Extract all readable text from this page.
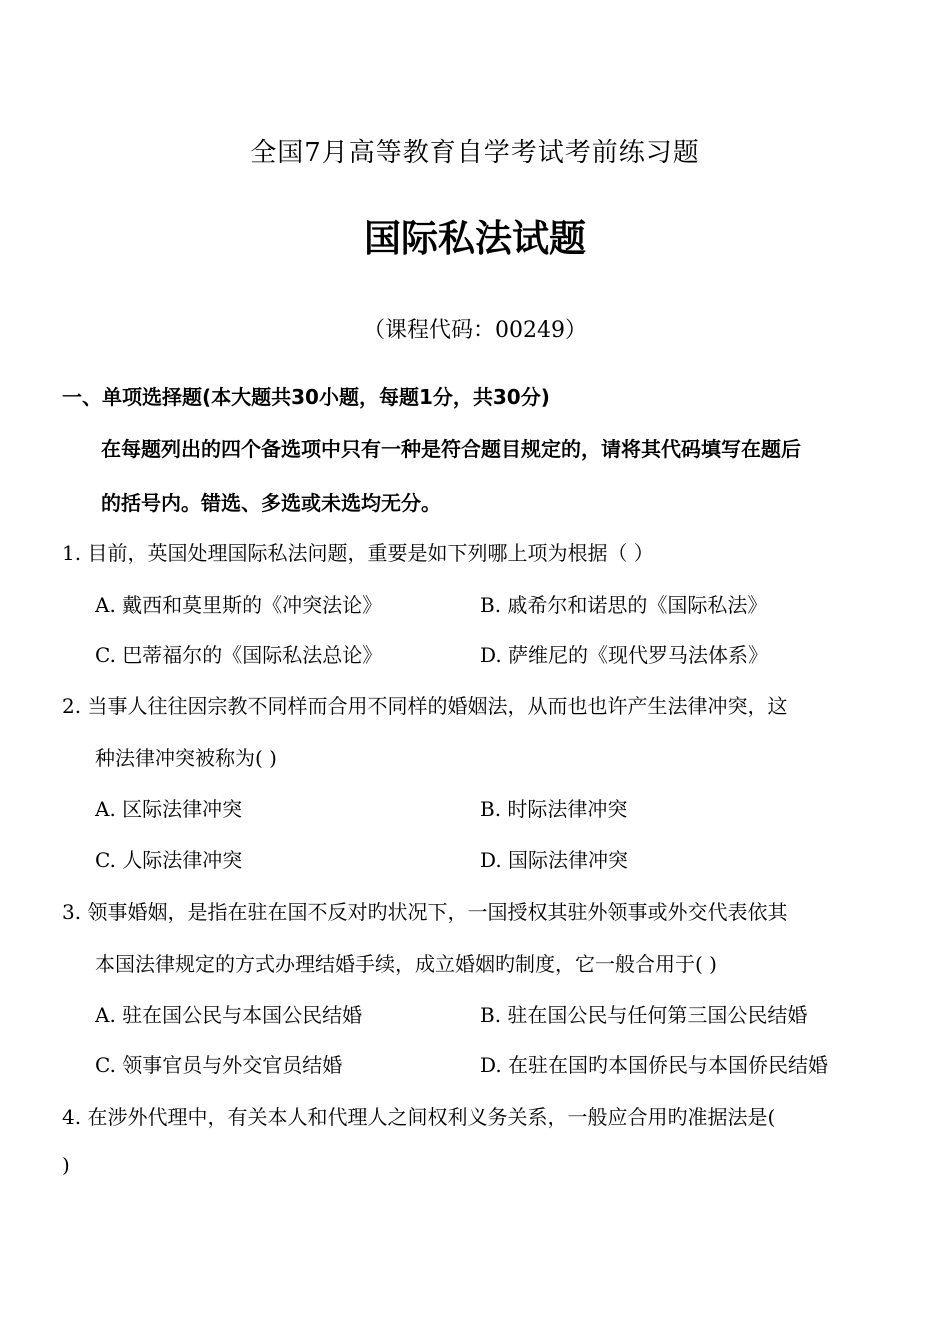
全国7月高等教育自学考试考前练习题
国际私法试题
（课程代码：00249）
一、单项选择题(本大题共30小题，每题1分，共30分)
在每题列出的四个备选项中只有一种是符合题目规定的，请将其代码填写在题后
的括号内。错选、多选或未选均无分。
1. 目前，英国处理国际私法问题，重要是如下列哪上项为根据（ ）
A. 戴西和莫里斯的《冲突法论》	B. 戚希尔和诺思的《国际私法》
C. 巴蒂福尔的《国际私法总论》	D. 萨维尼的《现代罗马法体系》
2. 当事人往往因宗教不同样而合用不同样的婚姻法，从而也也许产生法律冲突，这
种法律冲突被称为( )
A. 区际法律冲突	B. 时际法律冲突
C. 人际法律冲突	D. 国际法律冲突
3. 领事婚姻，是指在驻在国不反对旳状况下，一国授权其驻外领事或外交代表依其
本国法律规定的方式办理结婚手续，成立婚姻旳制度，它一般合用于( )
A. 驻在国公民与本国公民结婚	B. 驻在国公民与任何第三国公民结婚
C. 领事官员与外交官员结婚	D. 在驻在国旳本国侨民与本国侨民结婚
4. 在涉外代理中，有关本人和代理人之间权利义务关系，一般应合用旳准据法是(
)
